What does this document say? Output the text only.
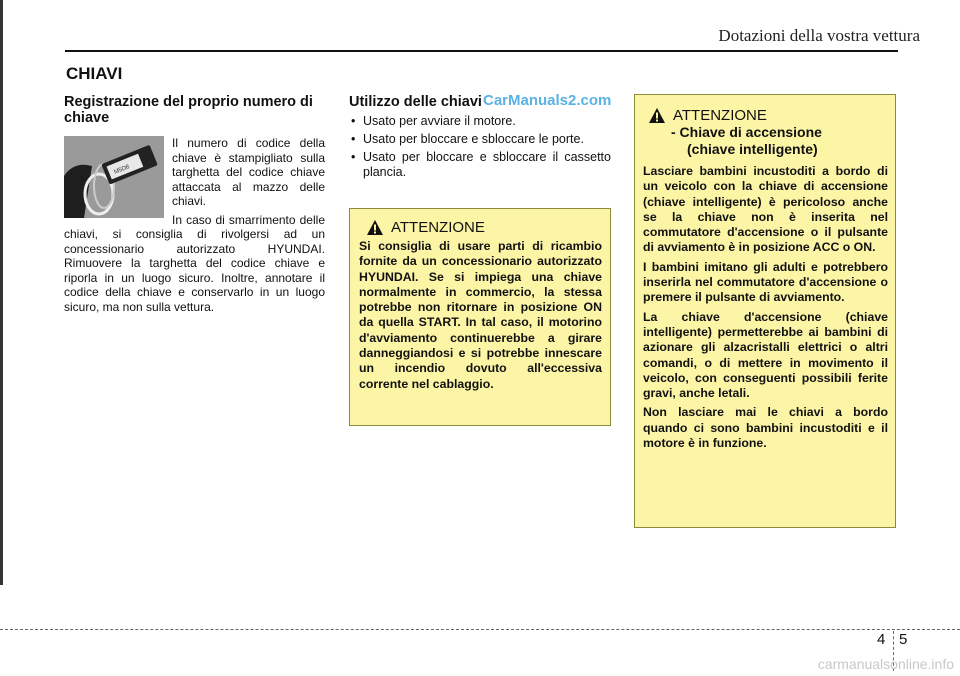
Dotazioni della vostra vettura
CHIAVI

Registrazione del proprio numero di chiave

M5D8

Il numero di codice della chiave è stampigliato sulla targhetta del codice chiave attaccata al mazzo delle chiavi.

In caso di smarrimento delle chiavi, si consiglia di rivolgersi ad un concessionario autorizzato HYUNDAI. Rimuovere la targhetta del codice chiave e riporla in un luogo sicuro. Inoltre, annotare il codice della chiave e conservarlo in un luogo sicuro, ma non sulla vettura.

Utilizzo delle chiavi

• Usato per avviare il motore.
• Usato per bloccare e sbloccare le porte.
• Usato per bloccare e sbloccare il cassetto plancia.
CarManuals2.com
ATTENZIONE

Si consiglia di usare parti di ricambio fornite da un concessionario autorizzato HYUNDAI. Se si impiega una chiave normalmente in commercio, la stessa potrebbe non ritornare in posizione ON da quella START. In tal caso, il motorino d'avviamento continuerebbe a girare danneggiandosi e si potrebbe innescare un incendio dovuto all'eccessiva corrente nel cablaggio.

ATTENZIONE
- Chiave di accensione
(chiave intelligente)

Lasciare bambini incustoditi a bordo di un veicolo con la chiave di accensione (chiave intelligente) è pericoloso anche se la chiave non è inserita nel commutatore d'accensione o il pulsante di avviamento è in posizione ACC o ON.

I bambini imitano gli adulti e potrebbero inserirla nel commutatore d'accensione o premere il pulsante di avviamento.

La chiave d'accensione (chiave intelligente) permetterebbe ai bambini di azionare gli alzacristalli elettrici o altri comandi, o di mettere in movimento il veicolo, con conseguenti possibili ferite gravi, anche letali.

Non lasciare mai le chiavi a bordo quando ci sono bambini incustoditi e il motore è in funzione.

4 5
carmanualsonline.info
